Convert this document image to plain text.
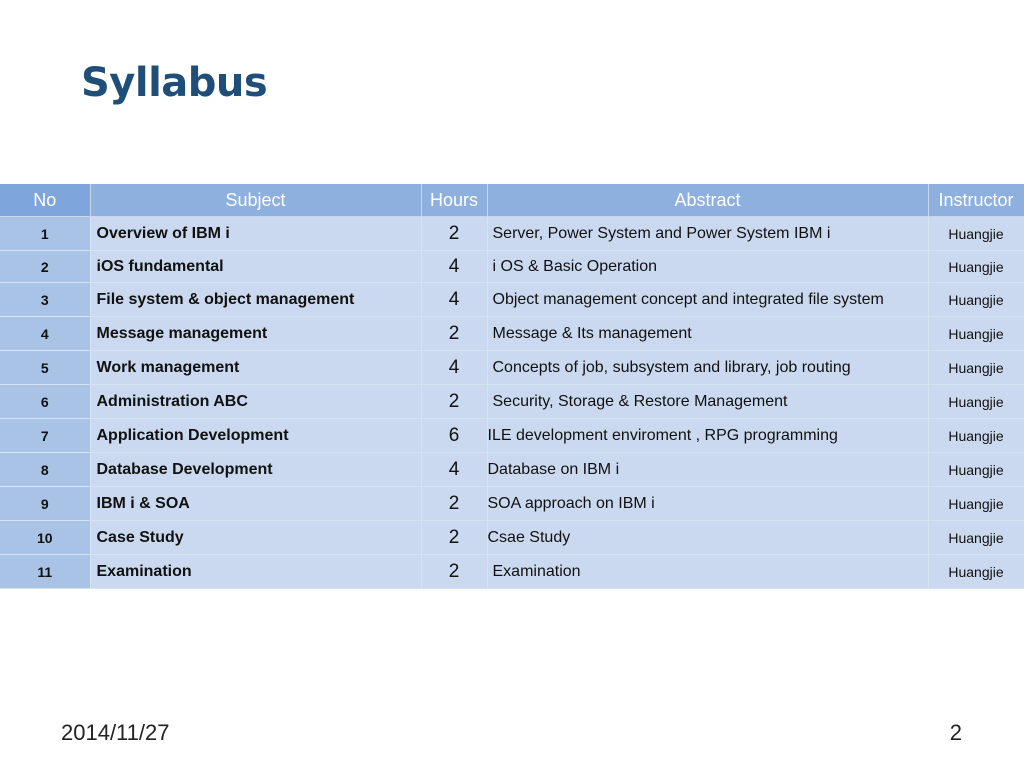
Syllabus
No	Subject	Hours	Abstract	Instructor
1	Overview of IBM i	2	Server, Power System and Power System IBM i	Huangjie
2	iOS fundamental	4	i OS & Basic Operation	Huangjie
3	File system & object management	4	Object management concept and integrated file system	Huangjie
4	Message management	2	Message & Its management	Huangjie
5	Work management	4	Concepts of job, subsystem and library, job routing	Huangjie
6	Administration ABC	2	Security, Storage & Restore Management	Huangjie
7	Application Development	6	ILE development enviroment , RPG programming	Huangjie
8	Database Development	4	Database on IBM i	Huangjie
9	IBM i & SOA	2	SOA approach on IBM i	Huangjie
10	Case Study	2	Csae Study	Huangjie
11	Examination	2	Examination	Huangjie
2014/11/27	2
